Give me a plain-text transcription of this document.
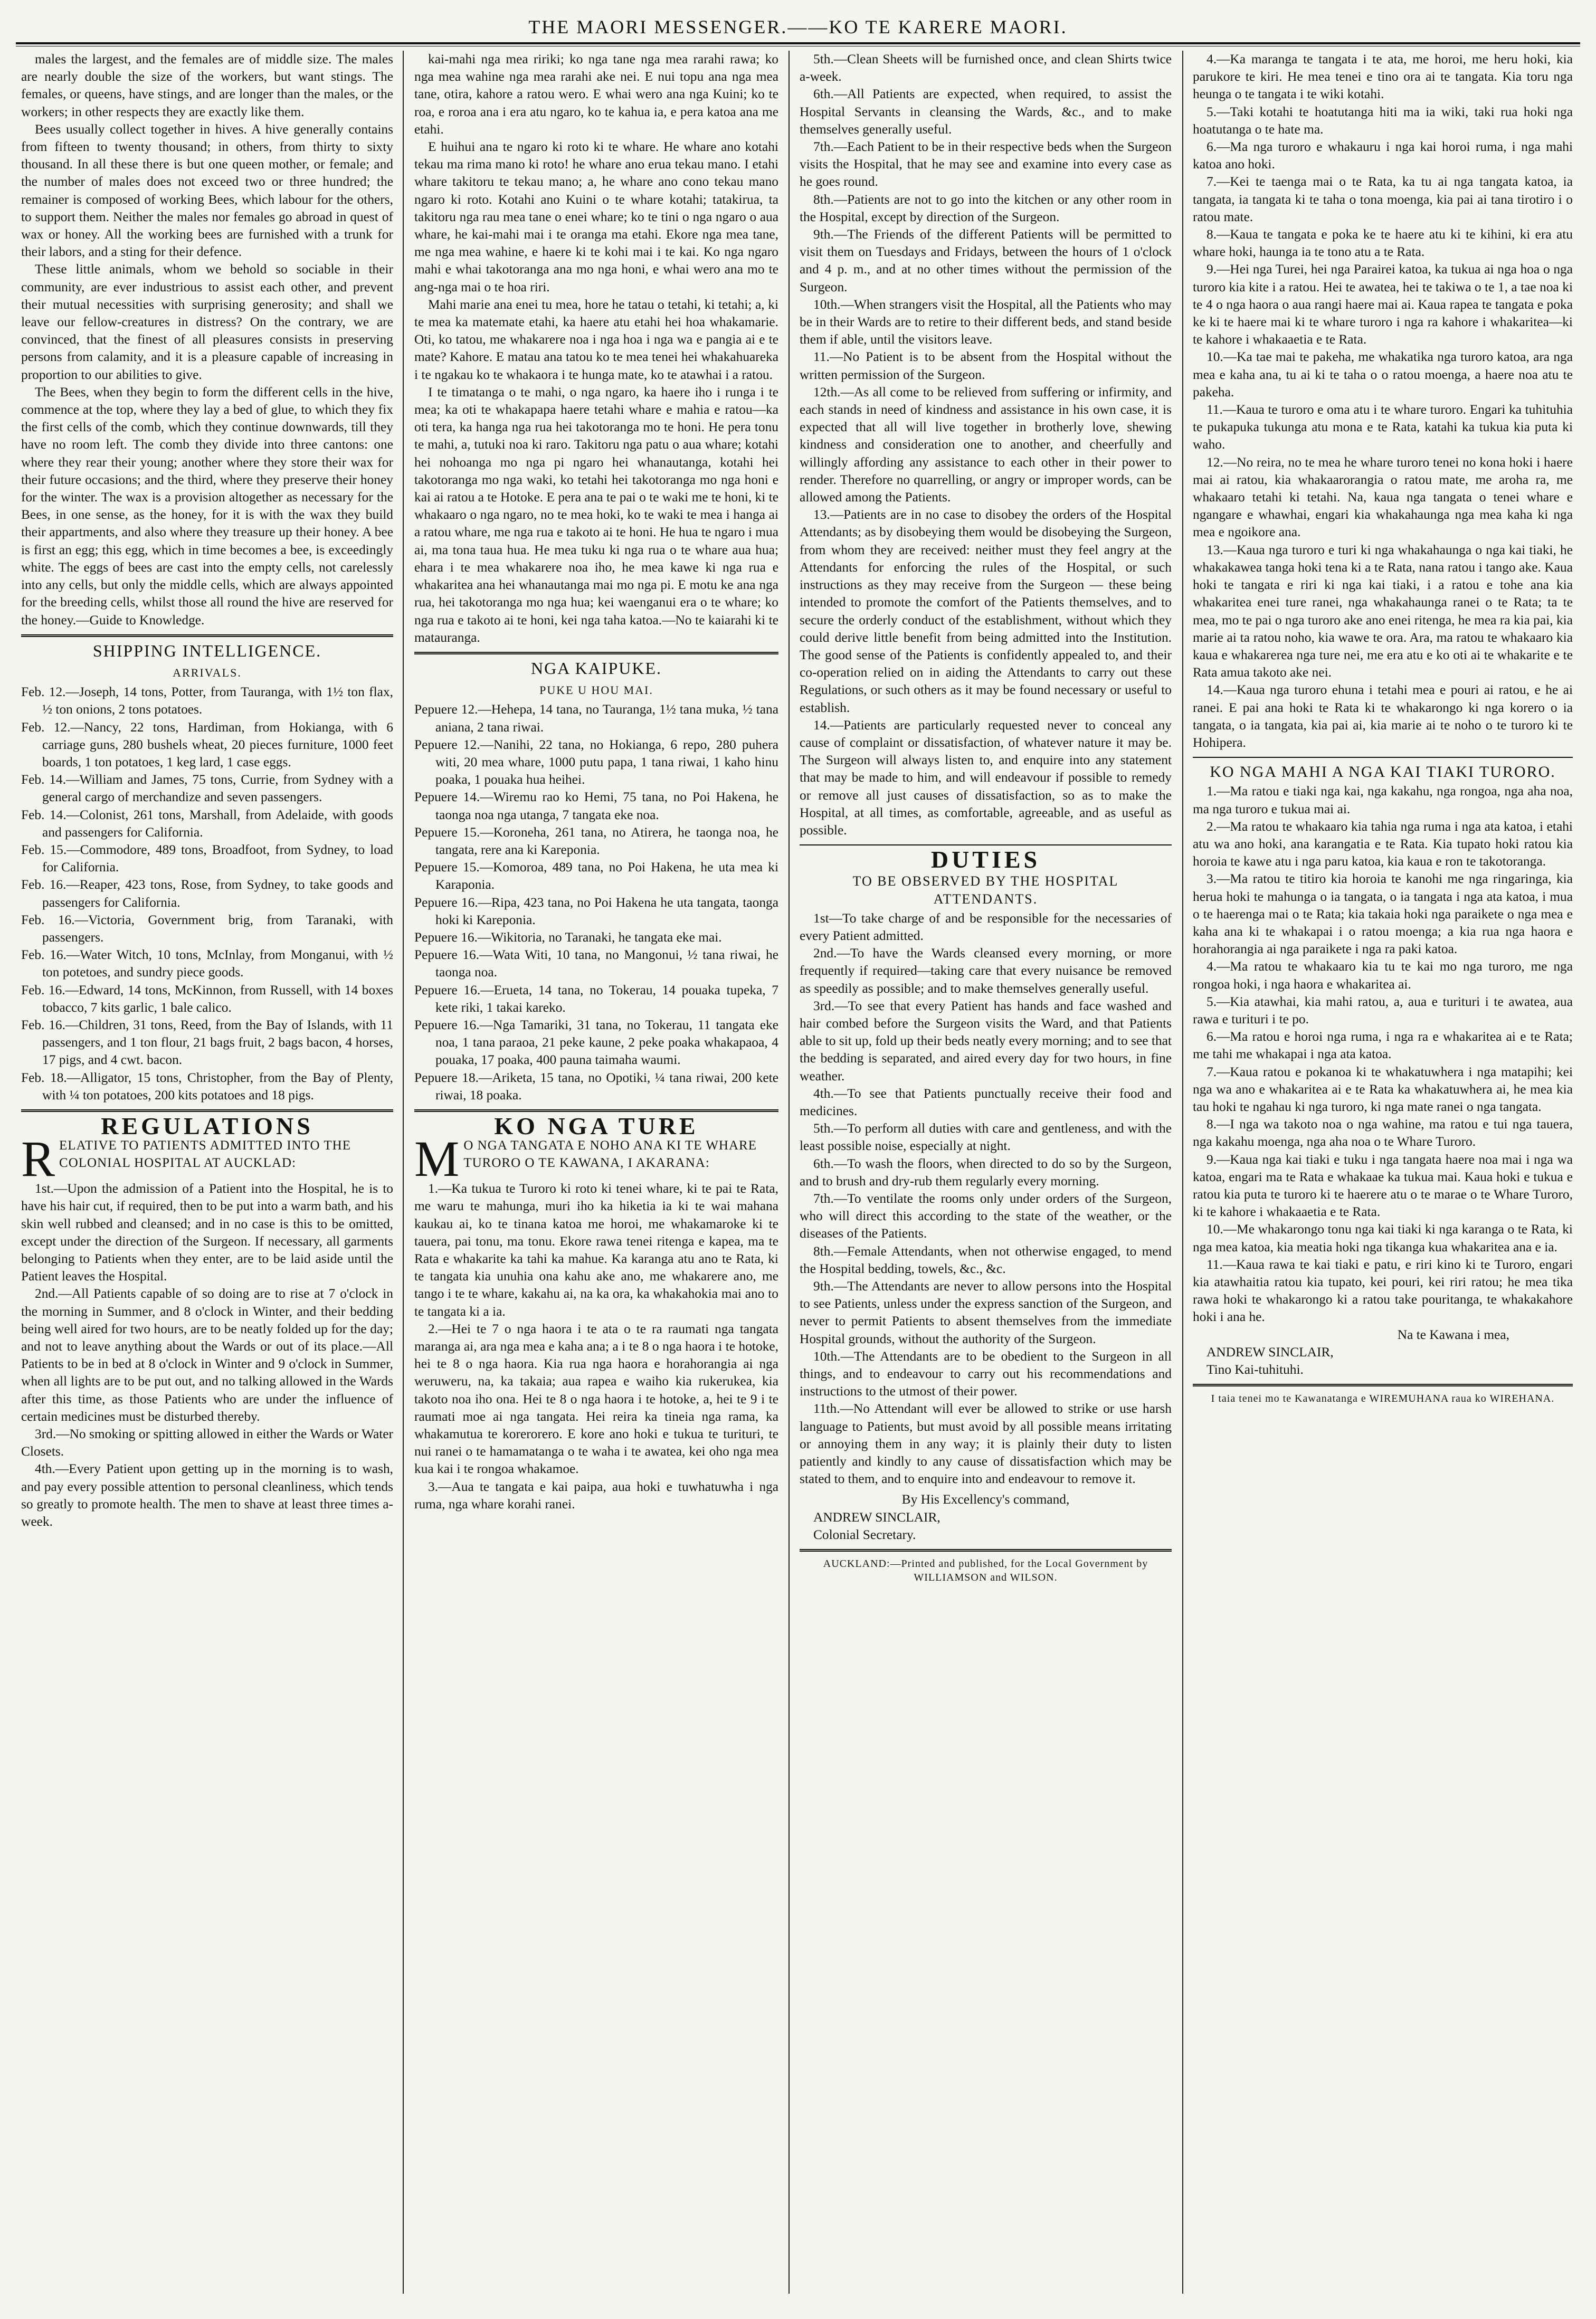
THE MAORI MESSENGER.——KO TE KARERE MAORI.

males the largest, and the females are of middle size. The males are nearly double the size of the workers, but want stings. The females, or queens, have stings, and are longer than the males, or the workers; in other respects they are exactly like them.

Bees usually collect together in hives. A hive generally contains from fifteen to twenty thousand; in others, from thirty to sixty thousand. In all these there is but one queen mother, or female; and the number of males does not exceed two or three hundred; the remainer is composed of working Bees, which labour for the others, to support them. Neither the males nor females go abroad in quest of wax or honey. All the working bees are furnished with a trunk for their labors, and a sting for their defence.

These little animals, whom we behold so sociable in their community, are ever industrious to assist each other, and prevent their mutual necessities with surprising generosity; and shall we leave our fellow-creatures in distress? On the contrary, we are convinced, that the finest of all pleasures consists in preserving persons from calamity, and it is a pleasure capable of increasing in proportion to our abilities to give.

The Bees, when they begin to form the different cells in the hive, commence at the top, where they lay a bed of glue, to which they fix the first cells of the comb, which they continue downwards, till they have no room left. The comb they divide into three cantons: one where they rear their young; another where they store their wax for their future occasions; and the third, where they preserve their honey for the winter. The wax is a provision altogether as necessary for the Bees, in one sense, as the honey, for it is with the wax they build their appartments, and also where they treasure up their honey. A bee is first an egg; this egg, which in time becomes a bee, is exceedingly white. The eggs of bees are cast into the empty cells, not carelessly into any cells, but only the middle cells, which are always appointed for the breeding cells, whilst those all round the hive are reserved for the honey.—Guide to Knowledge.

SHIPPING INTELLIGENCE.
ARRIVALS.

Feb. 12.—Joseph, 14 tons, Potter, from Tauranga, with 1½ ton flax, ½ ton onions, 2 tons potatoes.

Feb. 12.—Nancy, 22 tons, Hardiman, from Hokianga, with 6 carriage guns, 280 bushels wheat, 20 pieces furniture, 1000 feet boards, 1 ton potatoes, 1 keg lard, 1 case eggs.

Feb. 14.—William and James, 75 tons, Currie, from Sydney with a general cargo of merchandize and seven passengers.

Feb. 14.—Colonist, 261 tons, Marshall, from Adelaide, with goods and passengers for California.

Feb. 15.—Commodore, 489 tons, Broadfoot, from Sydney, to load for California.

Feb. 16.—Reaper, 423 tons, Rose, from Sydney, to take goods and passengers for California.

Feb. 16.—Victoria, Government brig, from Taranaki, with passengers.

Feb. 16.—Water Witch, 10 tons, McInlay, from Monganui, with ½ ton potetoes, and sundry piece goods.

Feb. 16.—Edward, 14 tons, McKinnon, from Russell, with 14 boxes tobacco, 7 kits garlic, 1 bale calico.

Feb. 16.—Children, 31 tons, Reed, from the Bay of Islands, with 11 passengers, and 1 ton flour, 21 bags fruit, 2 bags bacon, 4 horses, 17 pigs, and 4 cwt. bacon.

Feb. 18.—Alligator, 15 tons, Christopher, from the Bay of Plenty, with ¼ ton potatoes, 200 kits potatoes and 18 pigs.

REGULATIONS
R ELATIVE TO PATIENTS ADMITTED INTO THE COLONIAL HOSPITAL AT AUCKLAD:

1st.—Upon the admission of a Patient into the Hospital, he is to have his hair cut, if required, then to be put into a warm bath, and his skin well rubbed and cleansed; and in no case is this to be omitted, except under the direction of the Surgeon. If necessary, all garments belonging to Patients when they enter, are to be laid aside until the Patient leaves the Hospital.

2nd.—All Patients capable of so doing are to rise at 7 o'clock in the morning in Summer, and 8 o'clock in Winter, and their bedding being well aired for two hours, are to be neatly folded up for the day; and not to leave anything about the Wards or out of its place.—All Patients to be in bed at 8 o'clock in Winter and 9 o'clock in Summer, when all lights are to be put out, and no talking allowed in the Wards after this time, as those Patients who are under the influence of certain medicines must be disturbed thereby.

3rd.—No smoking or spitting allowed in either the Wards or Water Closets.

4th.—Every Patient upon getting up in the morning is to wash, and pay every possible attention to personal cleanliness, which tends so greatly to promote health. The men to shave at least three times a-week.

kai-mahi nga mea ririki; ko nga tane nga mea rarahi rawa; ko nga mea wahine nga mea rarahi ake nei. E nui topu ana nga mea tane, otira, kahore a ratou wero. E whai wero ana nga Kuini; ko te roa, e roroa ana i era atu ngaro, ko te kahua ia, e pera katoa ana me etahi.

E huihui ana te ngaro ki roto ki te whare. He whare ano kotahi tekau ma rima mano ki roto! he whare ano erua tekau mano. I etahi whare takitoru te tekau mano; a, he whare ano cono tekau mano ngaro ki roto. Kotahi ano Kuini o te whare kotahi; tatakirua, ta takitoru nga rau mea tane o enei whare; ko te tini o nga ngaro o aua whare, he kai-mahi mai i te oranga ma etahi. Ekore nga mea tane, me nga mea wahine, e haere ki te kohi mai i te kai. Ko nga ngaro mahi e whai takotoranga ana mo nga honi, e whai wero ana mo te ang-nga mai o te hoa riri.

Mahi marie ana enei tu mea, hore he tatau o tetahi, ki tetahi; a, ki te mea ka matemate etahi, ka haere atu etahi hei hoa whakamarie. Oti, ko tatou, me whakarere noa i nga hoa i nga wa e pangia ai e te mate? Kahore. E matau ana tatou ko te mea tenei hei whakahuareka i te ngakau ko te whakaora i te hunga mate, ko te atawhai i a ratou.

I te timatanga o te mahi, o nga ngaro, ka haere iho i runga i te mea; ka oti te whakapapa haere tetahi whare e mahia e ratou—ka oti tera, ka hanga nga rua hei takotoranga mo te honi. He pera tonu te mahi, a, tutuki noa ki raro. Takitoru nga patu o aua whare; kotahi hei nohoanga mo nga pi ngaro hei whanautanga, kotahi hei takotoranga mo nga waki, ko tetahi hei takotoranga mo nga honi e kai ai ratou a te Hotoke. E pera ana te pai o te waki me te honi, ki te whakaaro o nga ngaro, no te mea hoki, ko te waki te mea i hanga ai a ratou whare, me nga rua e takoto ai te honi. He hua te ngaro i mua ai, ma tona taua hua. He mea tuku ki nga rua o te whare aua hua; ehara i te mea whakarere noa iho, he mea kawe ki nga rua e whakaritea ana hei whanautanga mai mo nga pi. E motu ke ana nga rua, hei takotoranga mo nga hua; kei waenganui era o te whare; ko nga rua e takoto ai te honi, kei nga taha katoa.—No te kaiarahi ki te matauranga.

NGA KAIPUKE.
PUKE U HOU MAI.

Pepuere 12.—Hehepa, 14 tana, no Tauranga, 1½ tana muka, ½ tana aniana, 2 tana riwai.

Pepuere 12.—Nanihi, 22 tana, no Hokianga, 6 repo, 280 puhera witi, 20 mea whare, 1000 putu papa, 1 tana riwai, 1 kaho hinu poaka, 1 pouaka hua heihei.

Pepuere 14.—Wiremu rao ko Hemi, 75 tana, no Poi Hakena, he taonga noa nga utanga, 7 tangata eke noa.

Pepuere 15.—Koroneha, 261 tana, no Atirera, he taonga noa, he tangata, rere ana ki Kareponia.

Pepuere 15.—Komoroa, 489 tana, no Poi Hakena, he uta mea ki Karaponia.

Pepuere 16.—Ripa, 423 tana, no Poi Hakena he uta tangata, taonga hoki ki Kareponia.

Pepuere 16.—Wikitoria, no Taranaki, he tangata eke mai.

Pepuere 16.—Wata Witi, 10 tana, no Mangonui, ½ tana riwai, he taonga noa.

Pepuere 16.—Erueta, 14 tana, no Tokerau, 14 pouaka tupeka, 7 kete riki, 1 takai kareko.

Pepuere 16.—Nga Tamariki, 31 tana, no Tokerau, 11 tangata eke noa, 1 tana paraoa, 21 peke kaune, 2 peke poaka whakapaoa, 4 pouaka, 17 poaka, 400 pauna taimaha waumi.

Pepuere 18.—Ariketa, 15 tana, no Opotiki, ¼ tana riwai, 200 kete riwai, 18 poaka.

KO NGA TURE
M O NGA TANGATA E NOHO ANA KI TE WHARE TURORO O TE KAWANA, I AKARANA:

1.—Ka tukua te Turoro ki roto ki tenei whare, ki te pai te Rata, me waru te mahunga, muri iho ka hiketia ia ki te wai mahana kaukau ai, ko te tinana katoa me horoi, me whakamaroke ki te tauera, pai tonu, ma tonu. Ekore rawa tenei ritenga e kapea, ma te Rata e whakarite ka tahi ka mahue. Ka karanga atu ano te Rata, ki te tangata kia unuhia ona kahu ake ano, me whakarere ano, me tango i te te whare, kakahu ai, na ka ora, ka whakahokia mai ano to te tangata ki a ia.

2.—Hei te 7 o nga haora i te ata o te ra raumati nga tangata maranga ai, ara nga mea e kaha ana; a i te 8 o nga haora i te hotoke, hei te 8 o nga haora. Kia rua nga haora e horahorangia ai nga weruweru, na, ka takaia; aua rapea e waiho kia rukerukea, kia takoto noa iho ona. Hei te 8 o nga haora i te hotoke, a, hei te 9 i te raumati moe ai nga tangata. Hei reira ka tineia nga rama, ka whakamutua te korerorero. E kore ano hoki e tukua te turituri, te nui ranei o te hamamatanga o te waha i te awatea, kei oho nga mea kua kai i te rongoa whakamoe.

3.—Aua te tangata e kai paipa, aua hoki e tuwhatuwha i nga ruma, nga whare korahi ranei.

5th.—Clean Sheets will be furnished once, and clean Shirts twice a-week.

6th.—All Patients are expected, when required, to assist the Hospital Servants in cleansing the Wards, &c., and to make themselves generally useful.

7th.—Each Patient to be in their respective beds when the Surgeon visits the Hospital, that he may see and examine into every case as he goes round.

8th.—Patients are not to go into the kitchen or any other room in the Hospital, except by direction of the Surgeon.

9th.—The Friends of the different Patients will be permitted to visit them on Tuesdays and Fridays, between the hours of 1 o'clock and 4 p. m., and at no other times without the permission of the Surgeon.

10th.—When strangers visit the Hospital, all the Patients who may be in their Wards are to retire to their different beds, and stand beside them if able, until the visitors leave.

11.—No Patient is to be absent from the Hospital without the written permission of the Surgeon.

12th.—As all come to be relieved from suffering or infirmity, and each stands in need of kindness and assistance in his own case, it is expected that all will live together in brotherly love, shewing kindness and consideration one to another, and cheerfully and willingly affording any assistance to each other in their power to render. Therefore no quarrelling, or angry or improper words, can be allowed among the Patients.

13.—Patients are in no case to disobey the orders of the Hospital Attendants; as by disobeying them would be disobeying the Surgeon, from whom they are received: neither must they feel angry at the Attendants for enforcing the rules of the Hospital, or such instructions as they may receive from the Surgeon — these being intended to promote the comfort of the Patients themselves, and to secure the orderly conduct of the establishment, without which they could derive little benefit from being admitted into the Institution. The good sense of the Patients is confidently appealed to, and their co-operation relied on in aiding the Attendants to carry out these Regulations, or such others as it may be found necessary or useful to establish.

14.—Patients are particularly requested never to conceal any cause of complaint or dissatisfaction, of whatever nature it may be. The Surgeon will always listen to, and enquire into any statement that may be made to him, and will endeavour if possible to remedy or remove all just causes of dissatisfaction, so as to make the Hospital, at all times, as comfortable, agreeable, and as useful as possible.

DUTIES
TO BE OBSERVED BY THE HOSPITAL ATTENDANTS.

1st—To take charge of and be responsible for the necessaries of every Patient admitted.

2nd.—To have the Wards cleansed every morning, or more frequently if required—taking care that every nuisance be removed as speedily as possible; and to make themselves generally useful.

3rd.—To see that every Patient has hands and face washed and hair combed before the Surgeon visits the Ward, and that Patients able to sit up, fold up their beds neatly every morning; and to see that the bedding is separated, and aired every day for two hours, in fine weather.

4th.—To see that Patients punctually receive their food and medicines.

5th.—To perform all duties with care and gentleness, and with the least possible noise, especially at night.

6th.—To wash the floors, when directed to do so by the Surgeon, and to brush and dry-rub them regularly every morning.

7th.—To ventilate the rooms only under orders of the Surgeon, who will direct this according to the state of the weather, or the diseases of the Patients.

8th.—Female Attendants, when not otherwise engaged, to mend the Hospital bedding, towels, &c., &c.

9th.—The Attendants are never to allow persons into the Hospital to see Patients, unless under the express sanction of the Surgeon, and never to permit Patients to absent themselves from the immediate Hospital grounds, without the authority of the Surgeon.

10th.—The Attendants are to be obedient to the Surgeon in all things, and to endeavour to carry out his recommendations and instructions to the utmost of their power.

11th.—No Attendant will ever be allowed to strike or use harsh language to Patients, but must avoid by all possible means irritating or annoying them in any way; it is plainly their duty to listen patiently and kindly to any cause of dissatisfaction which may be stated to them, and to enquire into and endeavour to remove it.

By His Excellency's command,

ANDREW SINCLAIR,

Colonial Secretary.

AUCKLAND:—Printed and published, for the Local Government by WILLIAMSON and WILSON.

4.—Ka maranga te tangata i te ata, me horoi, me heru hoki, kia parukore te kiri. He mea tenei e tino ora ai te tangata. Kia toru nga heunga o te tangata i te wiki kotahi.

5.—Taki kotahi te hoatutanga hiti ma ia wiki, taki rua hoki nga hoatutanga o te hate ma.

6.—Ma nga turoro e whakauru i nga kai horoi ruma, i nga mahi katoa ano hoki.

7.—Kei te taenga mai o te Rata, ka tu ai nga tangata katoa, ia tangata, ia tangata ki te taha o tona moenga, kia pai ai tana tirotiro i o ratou mate.

8.—Kaua te tangata e poka ke te haere atu ki te kihini, ki era atu whare hoki, haunga ia te tono atu a te Rata.

9.—Hei nga Turei, hei nga Parairei katoa, ka tukua ai nga hoa o nga turoro kia kite i a ratou. Hei te awatea, hei te takiwa o te 1, a tae noa ki te 4 o nga haora o aua rangi haere mai ai. Kaua rapea te tangata e poka ke ki te haere mai ki te whare turoro i nga ra kahore i whakaritea—ki te kahore i whakaaetia e te Rata.

10.—Ka tae mai te pakeha, me whakatika nga turoro katoa, ara nga mea e kaha ana, tu ai ki te taha o o ratou moenga, a haere noa atu te pakeha.

11.—Kaua te turoro e oma atu i te whare turoro. Engari ka tuhituhia te pukapuka tukunga atu mona e te Rata, katahi ka tukua kia puta ki waho.

12.—No reira, no te mea he whare turoro tenei no kona hoki i haere mai ai ratou, kia whakaarorangia o ratou mate, me aroha ra, me whakaaro tetahi ki tetahi. Na, kaua nga tangata o tenei whare e ngangare e whawhai, engari kia whakahaunga nga mea kaha ki nga mea e ngoikore ana.

13.—Kaua nga turoro e turi ki nga whakahaunga o nga kai tiaki, he whakakawea tanga hoki tena ki a te Rata, nana ratou i tango ake. Kaua hoki te tangata e riri ki nga kai tiaki, i a ratou e tohe ana kia whakaritea enei ture ranei, nga whakahaunga ranei o te Rata; ta te mea, mo te pai o nga turoro ake ano enei ritenga, he mea ra kia pai, kia marie ai ta ratou noho, kia wawe te ora. Ara, ma ratou te whakaaro kia kaua e whakarerea nga ture nei, me era atu e ko oti ai te whakarite e te Rata amua takoto ake nei.

14.—Kaua nga turoro ehuna i tetahi mea e pouri ai ratou, e he ai ranei. E pai ana hoki te Rata ki te whakarongo ki nga korero o ia tangata, o ia tangata, kia pai ai, kia marie ai te noho o te turoro ki te Hohipera.

KO NGA MAHI A NGA KAI TIAKI TURORO.

1.—Ma ratou e tiaki nga kai, nga kakahu, nga rongoa, nga aha noa, ma nga turoro e tukua mai ai.

2.—Ma ratou te whakaaro kia tahia nga ruma i nga ata katoa, i etahi atu wa ano hoki, ana karangatia e te Rata. Kia tupato hoki ratou kia horoia te kawe atu i nga paru katoa, kia kaua e ron te takotoranga.

3.—Ma ratou te titiro kia horoia te kanohi me nga ringaringa, kia herua hoki te mahunga o ia tangata, o ia tangata i nga ata katoa, i mua o te haerenga mai o te Rata; kia takaia hoki nga paraikete o nga mea e kaha ana ki te whakapai i o ratou moenga; a kia rua nga haora e horahorangia ai nga paraikete i nga ra paki katoa.

4.—Ma ratou te whakaaro kia tu te kai mo nga turoro, me nga rongoa hoki, i nga haora e whakaritea ai.

5.—Kia atawhai, kia mahi ratou, a, aua e turituri i te awatea, aua rawa e turituri i te po.

6.—Ma ratou e horoi nga ruma, i nga ra e whakaritea ai e te Rata; me tahi me whakapai i nga ata katoa.

7.—Kaua ratou e pokanoa ki te whakatuwhera i nga matapihi; kei nga wa ano e whakaritea ai e te Rata ka whakatuwhera ai, he mea kia tau hoki te ngahau ki nga turoro, ki nga mate ranei o nga tangata.

8.—I nga wa takoto noa o nga wahine, ma ratou e tui nga tauera, nga kakahu moenga, nga aha noa o te Whare Turoro.

9.—Kaua nga kai tiaki e tuku i nga tangata haere noa mai i nga wa katoa, engari ma te Rata e whakaae ka tukua mai. Kaua hoki e tukua e ratou kia puta te turoro ki te haerere atu o te marae o te Whare Turoro, ki te kahore i whakaaetia e te Rata.

10.—Me whakarongo tonu nga kai tiaki ki nga karanga o te Rata, ki nga mea katoa, kia meatia hoki nga tikanga kua whakaritea ana e ia.

11.—Kaua rawa te kai tiaki e patu, e riri kino ki te Turoro, engari kia atawhaitia ratou kia tupato, kei pouri, kei riri ratou; he mea tika rawa hoki te whakarongo ki a ratou take pouritanga, te whakakahore hoki i ana he.

Na te Kawana i mea,

ANDREW SINCLAIR,

Tino Kai-tuhituhi.

I taia tenei mo te Kawanatanga e WIREMUHANA raua ko WIREHANA.
